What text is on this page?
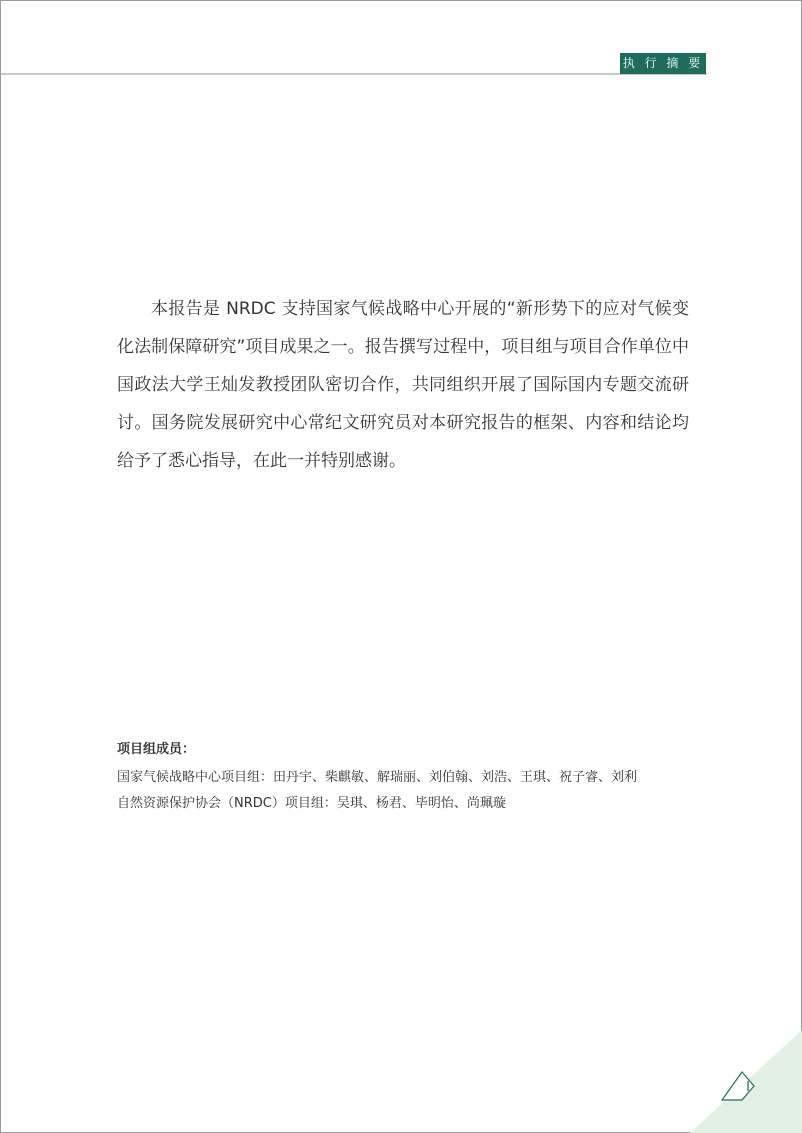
执 行 摘 要

本报告是 NRDC 支持国家气候战略中心开展的“新形势下的应对气候变化法制保障研究”项目成果之一。报告撰写过程中，项目组与项目合作单位中国政法大学王灿发教授团队密切合作，共同组织开展了国际国内专题交流研讨。国务院发展研究中心常纪文研究员对本研究报告的框架、内容和结论均给予了悉心指导，在此一并特别感谢。

项目组成员：
国家气候战略中心项目组：田丹宇、柴麒敏、解瑞丽、刘伯翰、刘浩、王琪、祝子睿、刘利
自然资源保护协会（NRDC）项目组：吴琪、杨君、毕明怡、尚珮璇
I
